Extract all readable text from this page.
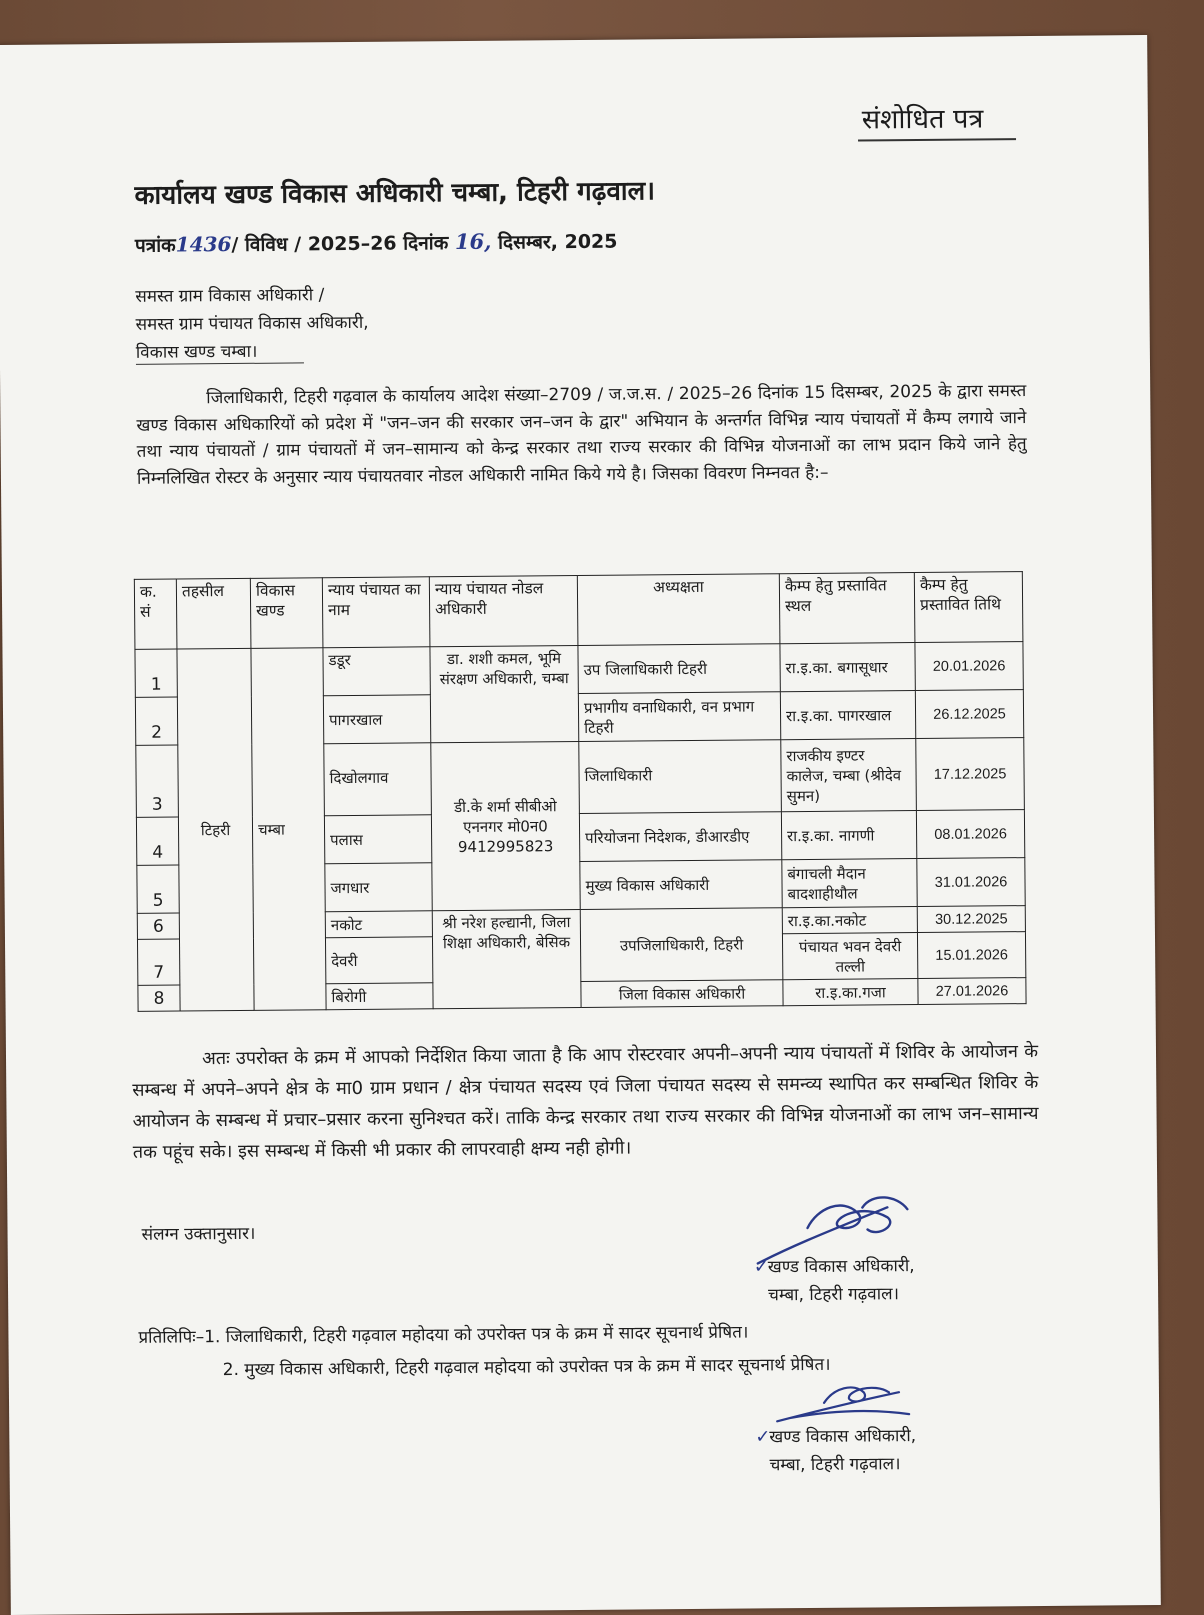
संशोधित पत्र
कार्यालय खण्ड विकास अधिकारी चम्बा, टिहरी गढ़वाल।
पत्रांक1436/ विविध / 2025–26 दिनांक 16, दिसम्बर, 2025
समस्त ग्राम विकास अधिकारी /
समस्त ग्राम पंचायत विकास अधिकारी,
विकास खण्ड चम्बा।
जिलाधिकारी, टिहरी गढ़वाल के कार्यालय आदेश संख्या–2709 / ज.ज.स. / 2025–26 दिनांक 15 दिसम्बर, 2025 के द्वारा समस्त खण्ड विकास अधिकारियों को प्रदेश में "जन–जन की सरकार जन–जन के द्वार" अभियान के अन्तर्गत विभिन्न न्याय पंचायतों में कैम्प लगाये जाने तथा न्याय पंचायतों / ग्राम पंचायतों में जन–सामान्य को केन्द्र सरकार तथा राज्य सरकार की विभिन्न योजनाओं का लाभ प्रदान किये जाने हेतु निम्नलिखित रोस्टर के अनुसार न्याय पंचायतवार नोडल अधिकारी नामित किये गये है। जिसका विवरण निम्नवत है:–
क. सं	तहसील	विकास खण्ड	न्याय पंचायत का नाम	न्याय पंचायत नोडल अधिकारी	अध्यक्षता	कैम्प हेतु प्रस्तावित स्थल	कैम्प हेतु प्रस्तावित तिथि
1	टिहरी	चम्बा	डडूर	डा. शशी कमल, भूमि संरक्षण अधिकारी, चम्बा	उप जिलाधिकारी टिहरी	रा.इ.का. बगासूधार	20.01.2026
2			पागरखाल		प्रभागीय वनाधिकारी, वन प्रभाग टिहरी	रा.इ.का. पागरखाल	26.12.2025
3			दिखोलगाव	डी.के शर्मा सीबीओ एननगर मो0न0 9412995823	जिलाधिकारी	राजकीय इण्टर कालेज, चम्बा (श्रीदेव सुमन)	17.12.2025
4			पलास		परियोजना निदेशक, डीआरडीए	रा.इ.का. नागणी	08.01.2026
5			जगधार		मुख्य विकास अधिकारी	बंगाचली मैदान बादशाहीथौल	31.01.2026
6			नकोट	श्री नरेश हल्द्यानी, जिला शिक्षा अधिकारी, बेसिक	उपजिलाधिकारी, टिहरी	रा.इ.का.नकोट	30.12.2025
7			देवरी			पंचायत भवन देवरी तल्ली	15.01.2026
8			बिरोगी		जिला विकास अधिकारी	रा.इ.का.गजा	27.01.2026
अतः उपरोक्त के क्रम में आपको निर्देशित किया जाता है कि आप रोस्टरवार अपनी–अपनी न्याय पंचायतों में शिविर के आयोजन के सम्बन्ध में अपने–अपने क्षेत्र के मा0 ग्राम प्रधान / क्षेत्र पंचायत सदस्य एवं जिला पंचायत सदस्य से समन्व्य स्थापित कर सम्बन्धित शिविर के आयोजन के सम्बन्ध में प्रचार–प्रसार करना सुनिश्चत करें। ताकि केन्द्र सरकार तथा राज्य सरकार की विभिन्न योजनाओं का लाभ जन–सामान्य तक पहूंच सके। इस सम्बन्ध में किसी भी प्रकार की लापरवाही क्षम्य नही होगी।
संलग्न उक्तानुसार।
✓
खण्ड विकास अधिकारी,
चम्बा, टिहरी गढ़वाल।
प्रतिलिपिः–1. जिलाधिकारी, टिहरी गढ़वाल महोदया को उपरोक्त पत्र के क्रम में सादर सूचनार्थ प्रेषित।
2. मुख्य विकास अधिकारी, टिहरी गढ़वाल महोदया को उपरोक्त पत्र के क्रम में सादर सूचनार्थ प्रेषित।
✓
खण्ड विकास अधिकारी,
चम्बा, टिहरी गढ़वाल।
